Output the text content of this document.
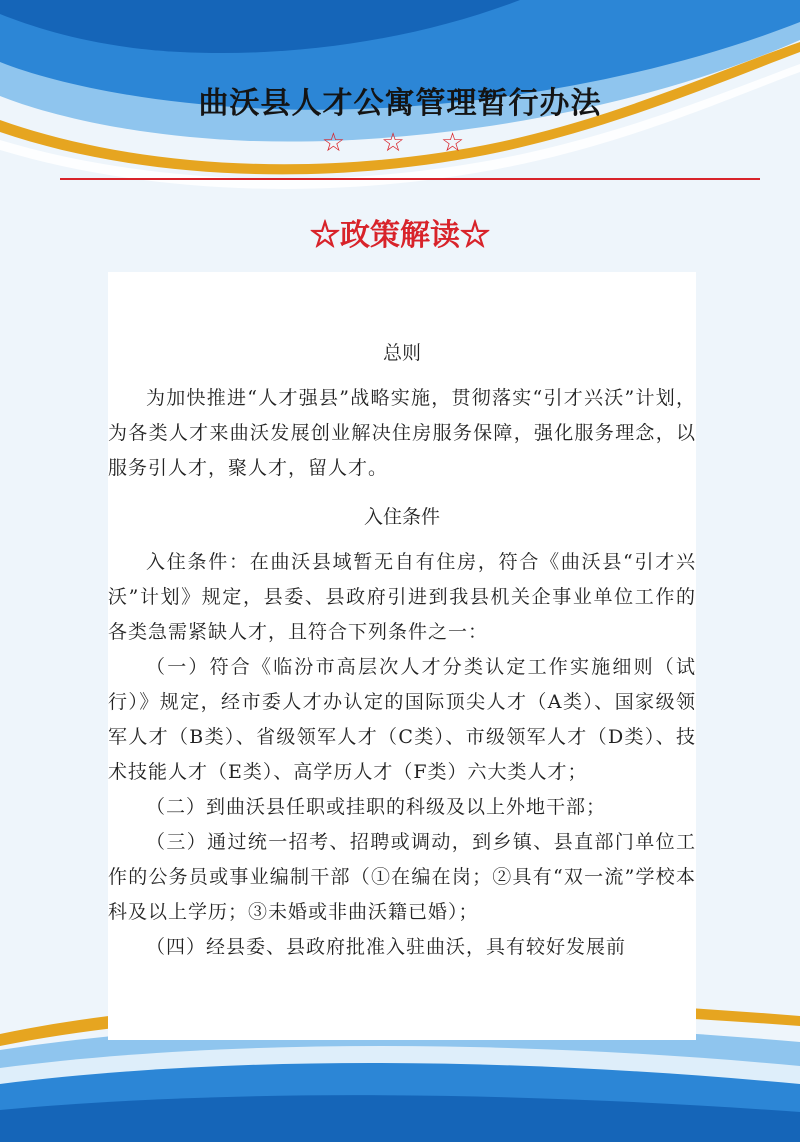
曲沃县人才公寓管理暂行办法
☆ ☆ ☆
☆政策解读☆

总则

为加快推进“人才强县”战略实施，贯彻落实“引才兴沃”计划，为各类人才来曲沃发展创业解决住房服务保障，强化服务理念，以服务引人才，聚人才，留人才。

入住条件

入住条件：在曲沃县域暂无自有住房，符合《曲沃县“引才兴沃”计划》规定，县委、县政府引进到我县机关企事业单位工作的各类急需紧缺人才，且符合下列条件之一：

（一）符合《临汾市高层次人才分类认定工作实施细则（试行）》规定，经市委人才办认定的国际顶尖人才（A类）、国家级领军人才（B类）、省级领军人才（C类）、市级领军人才（D类）、技术技能人才（E类）、高学历人才（F类）六大类人才；

（二）到曲沃县任职或挂职的科级及以上外地干部；

（三）通过统一招考、招聘或调动，到乡镇、县直部门单位工作的公务员或事业编制干部（①在编在岗；②具有“双一流”学校本科及以上学历；③未婚或非曲沃籍已婚）；

（四）经县委、县政府批准入驻曲沃，具有较好发展前
